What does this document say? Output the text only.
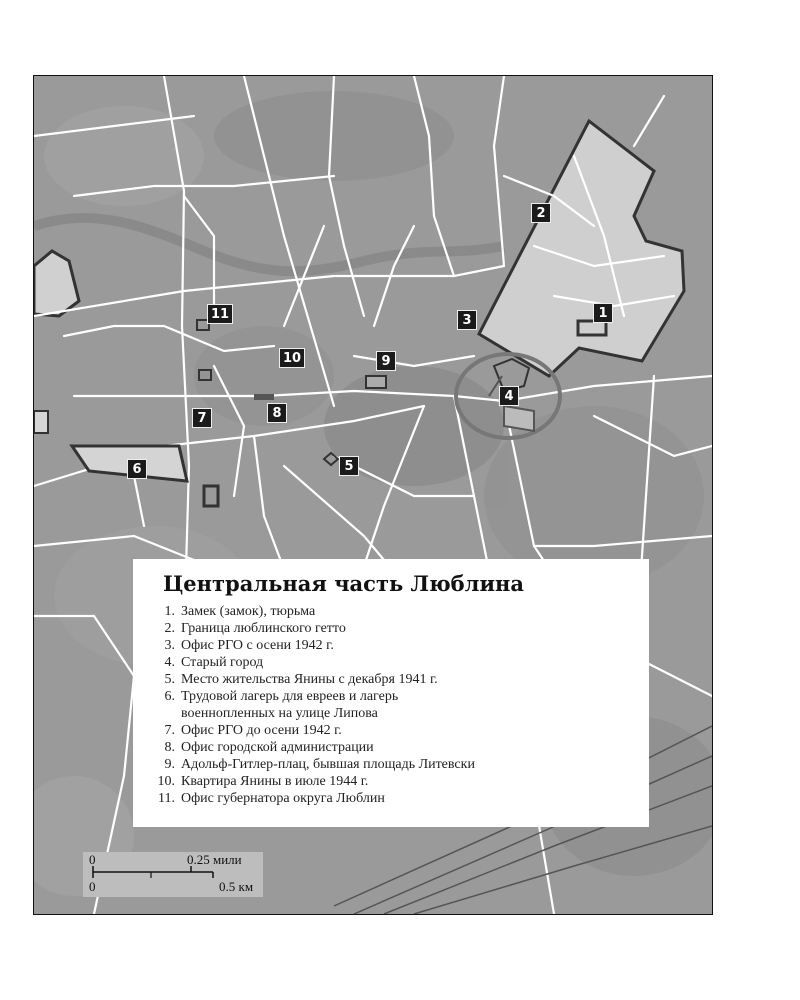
1
2
3
4
5
6
7	8
9
10
11
Центральная часть Люблина
1. Замек (замок), тюрьма
2. Граница люблинского гетто
3. Офис РГО с осени 1942 г.
4. Старый город
5. Место жительства Янины с декабря 1941 г.
6. Трудовой лагерь для евреев и лагерь
военнопленных на улице Липова
7. Офис РГО до осени 1942 г.
8. Офис городской администрации
9. Адольф-Гитлер-плац, бывшая площадь Литевски
10. Квартира Янины в июле 1944 г.
11. Офис губернатора округа Люблин
0	0.25 мили
0	0.5 км
